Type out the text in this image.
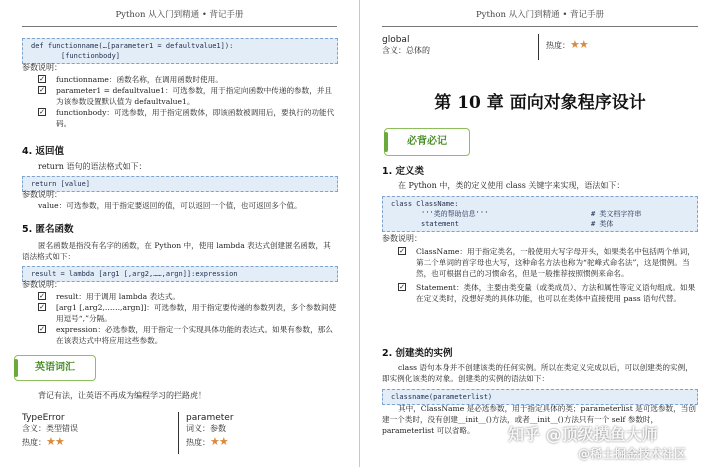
Python 从入门到精通 • 背记手册
def functionname(…[parameter1 = defaultvalue1]):
[functionbody]
参数说明：
✓ functionname：函数名称，在调用函数时使用。
✓ parameter1 = defaultvalue1：可选参数，用于指定向函数中传递的参数，并且为该参数设置默认值为 defaultvalue1。
✓ functionbody：可选参数，用于指定函数体，即该函数被调用后，要执行的功能代码。
4. 返回值
return 语句的语法格式如下：
return [value]
参数说明：
value：可选参数，用于指定要返回的值，可以返回一个值，也可返回多个值。
5. 匿名函数
匿名函数是指没有名字的函数，在 Python 中，使用 lambda 表达式创建匿名函数，其语法格式如下：
result = lambda [arg1 [,arg2,……,argn]]:expression
参数说明：
✓ result：用于调用 lambda 表达式。
✓ [arg1 [,arg2,……,argn]]：可选参数，用于指定要传递的参数列表，多个参数间使用逗号“,”分隔。
✓ expression：必选参数，用于指定一个实现具体功能的表达式。如果有参数，那么在该表达式中将应用这些参数。
英语词汇
背记有法，让英语不再成为编程学习的拦路虎！
TypeError
含义：类型错误
热度：★★
parameter
词义：参数
热度：★★
Python 从入门到精通 • 背记手册
global
含义：总体的
热度：★★
第 10 章 面向对象程序设计
必背必记
1. 定义类
在 Python 中，类的定义使用 class 关键字来实现，语法如下：
class ClassName:
'''类的帮助信息'''	# 类文档字符串
statement	# 类体
参数说明：
✓ ClassName：用于指定类名，一般使用大写字母开头，如果类名中包括两个单词，第二个单词的首字母也大写，这种命名方法也称为“驼峰式命名法”，这是惯例。当然，也可根据自己的习惯命名，但是一般推荐按照惯例来命名。
✓ Statement：类体，主要由类变量（或类成员）、方法和属性等定义语句组成。如果在定义类时，没想好类的具体功能，也可以在类体中直接使用 pass 语句代替。
2. 创建类的实例
class 语句本身并不创建该类的任何实例。所以在类定义完成以后，可以创建类的实例，即实例化该类的对象。创建类的实例的语法如下：
classname(parameterlist)
其中，ClassName 是必选参数，用于指定具体的类；parameterlist 是可选参数，当创建一个类时，没有创建__init__()方法，或者__init__()方法只有一个 self 参数时，parameterlist 可以省略。	知乎 @顶级摸鱼大师
@稀土掘金技术社区
